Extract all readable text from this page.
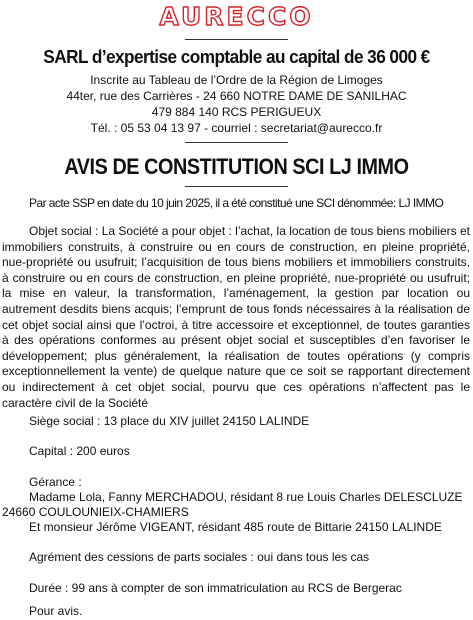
AURECCO
SARL d’expertise comptable au capital de 36 000 €
Inscrite au Tableau de l’Ordre de la Région de Limoges
44ter, rue des Carrières - 24 660 NOTRE DAME DE SANILHAC
479 884 140 RCS PERIGUEUX
Tél. : 05 53 04 13 97 - courriel : secretariat@aurecco.fr
AVIS DE CONSTITUTION SCI LJ IMMO
Par acte SSP en date du 10 juin 2025, il a été constitué une SCI dénommée: LJ IMMO
Objet social : La Société a pour objet : l’achat, la location de tous biens mobiliers et immobiliers construits, à construire ou en cours de construction, en pleine propriété, nue-propriété ou usufruit; l’acquisition de tous biens mobiliers et immobiliers construits, à construire ou en cours de construction, en pleine propriété, nue-propriété ou usufruit; la mise en valeur, la transformation, l’aménagement, la gestion par location ou autrement desdits biens acquis; l’emprunt de tous fonds nécessaires à la réalisation de cet objet social ainsi que l’octroi, à titre accessoire et exceptionnel, de toutes garanties à des opérations conformes au présent objet social et susceptibles d’en favoriser le développement; plus généralement, la réalisation de toutes opérations (y compris exceptionnellement la vente) de quelque nature que ce soit se rapportant directement ou indirectement à cet objet social, pourvu que ces opérations n’affectent pas le caractère civil de la Société
Siège social : 13 place du XIV juillet 24150 LALINDE
Capital : 200 euros
Gérance :
Madame Lola, Fanny MERCHADOU, résidant 8 rue Louis Charles DELESCLUZE
24660 COULOUNIEIX-CHAMIERS
Et monsieur Jérôme VIGEANT, résidant 485 route de Bittarie 24150 LALINDE
Agrément des cessions de parts sociales : oui dans tous les cas
Durée : 99 ans à compter de son immatriculation au RCS de Bergerac
Pour avis.
